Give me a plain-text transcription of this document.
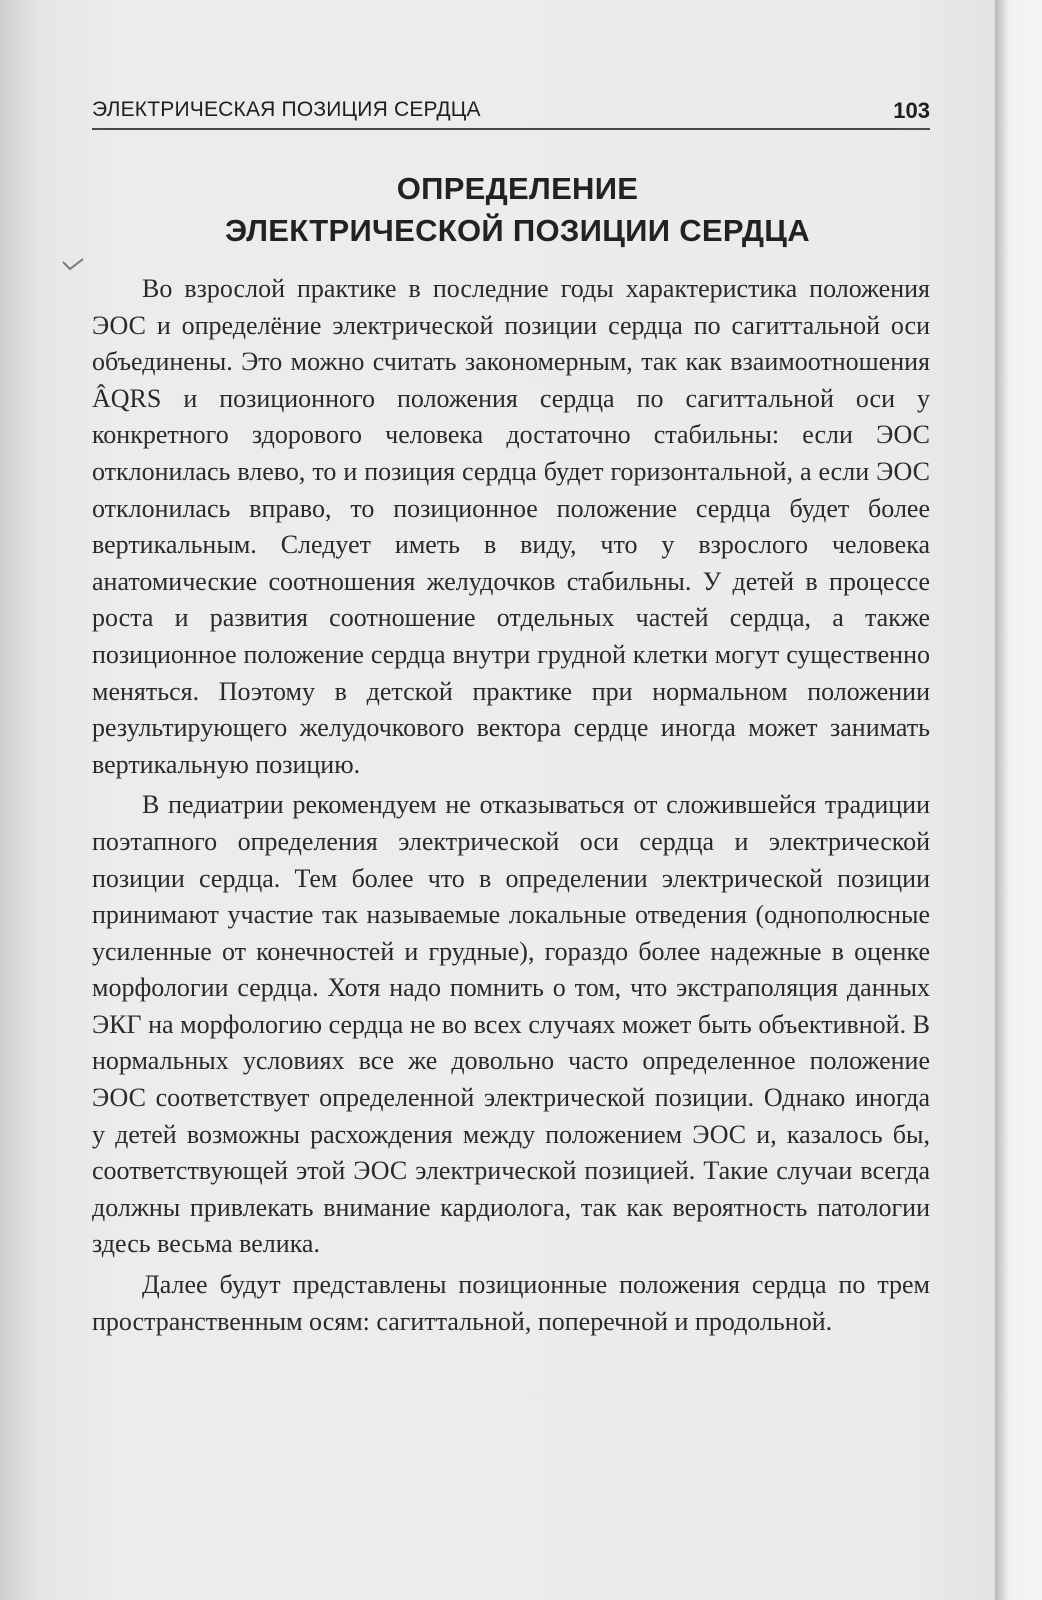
ЭЛЕКТРИЧЕСКАЯ ПОЗИЦИЯ СЕРДЦА	103
ОПРЕДЕЛЕНИЕ
ЭЛЕКТРИЧЕСКОЙ ПОЗИЦИИ СЕРДЦА

Во взрослой практике в последние годы характеристика положения ЭОС и определёние электрической позиции сердца по сагиттальной оси объединены. Это можно считать закономерным, так как взаимоотношения ÂQRS и позиционного положения сердца по сагиттальной оси у конкретного здорового человека достаточно стабильны: если ЭОС отклонилась влево, то и позиция сердца будет горизонтальной, а если ЭОС отклонилась вправо, то позиционное положение сердца будет более вертикальным. Следует иметь в виду, что у взрослого человека анатомические соотношения желудочков стабильны. У детей в процессе роста и развития соотношение отдельных частей сердца, а также позиционное положение сердца внутри грудной клетки могут существенно меняться. Поэтому в детской практике при нормальном положении результирующего желудочкового вектора сердце иногда может занимать вертикальную позицию.

В педиатрии рекомендуем не отказываться от сложившейся традиции поэтапного определения электрической оси сердца и электрической позиции сердца. Тем более что в определении электрической позиции принимают участие так называемые локальные отведения (однополюсные усиленные от конечностей и грудные), гораздо более надежные в оценке морфологии сердца. Хотя надо помнить о том, что экстраполяция данных ЭКГ на морфологию сердца не во всех случаях может быть объективной. В нормальных условиях все же довольно часто определенное положение ЭОС соответствует определенной электрической позиции. Однако иногда у детей возможны расхождения между положением ЭОС и, казалось бы, соответствующей этой ЭОС электрической позицией. Такие случаи всегда должны привлекать внимание кардиолога, так как вероятность патологии здесь весьма велика.

Далее будут представлены позиционные положения сердца по трем пространственным осям: сагиттальной, поперечной и продольной.
